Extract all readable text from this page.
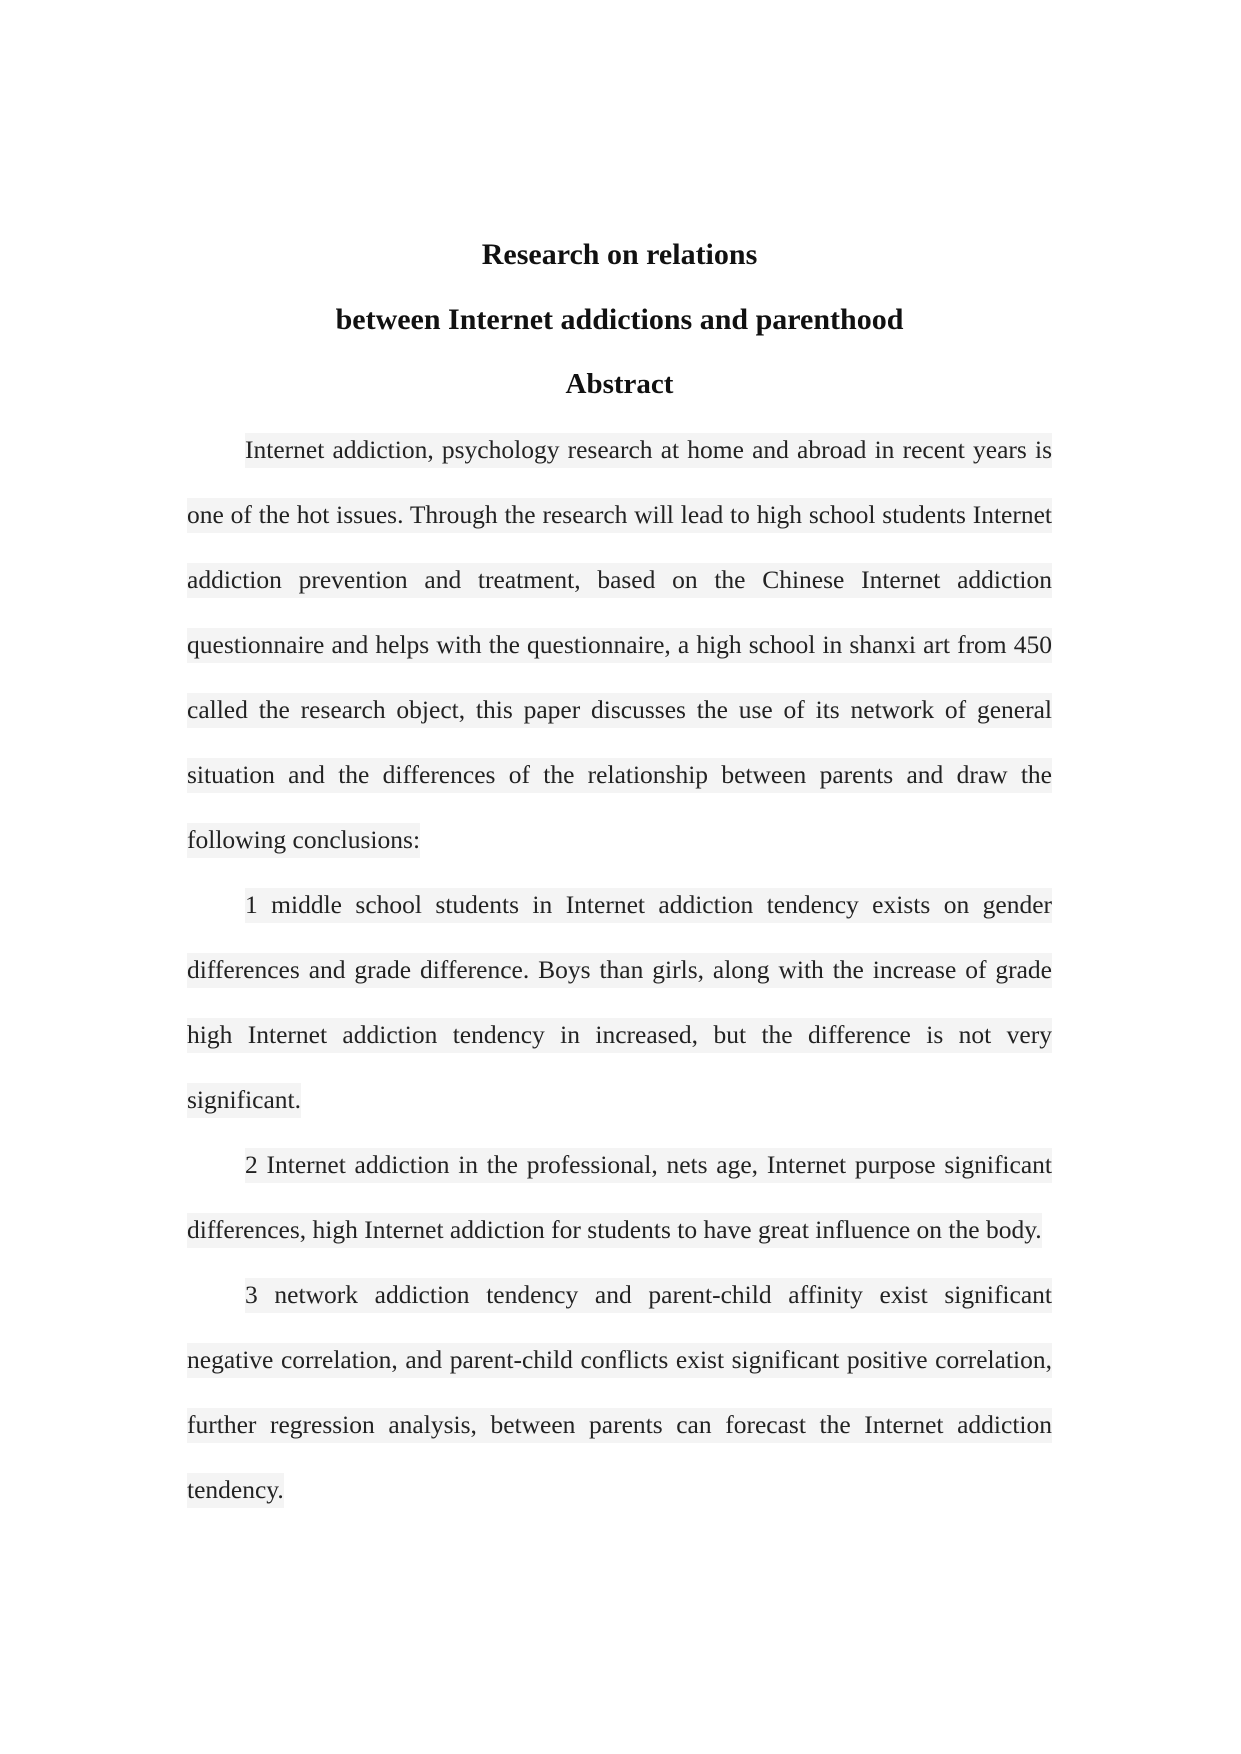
Research on relations
between Internet addictions and parenthood
Abstract

Internet addiction, psychology research at home and abroad in recent years is one of the hot issues. Through the research will lead to high school students Internet addiction prevention and treatment, based on the Chinese Internet addiction questionnaire and helps with the questionnaire, a high school in shanxi art from 450 called the research object, this paper discusses the use of its network of general situation and the differences of the relationship between parents and draw the following conclusions:

1 middle school students in Internet addiction tendency exists on gender differences and grade difference. Boys than girls, along with the increase of grade high Internet addiction tendency in increased, but the difference is not very significant.

2 Internet addiction in the professional, nets age, Internet purpose significant differences, high Internet addiction for students to have great influence on the body.

3 network addiction tendency and parent-child affinity exist significant negative correlation, and parent-child conflicts exist significant positive correlation, further regression analysis, between parents can forecast the Internet addiction tendency.
